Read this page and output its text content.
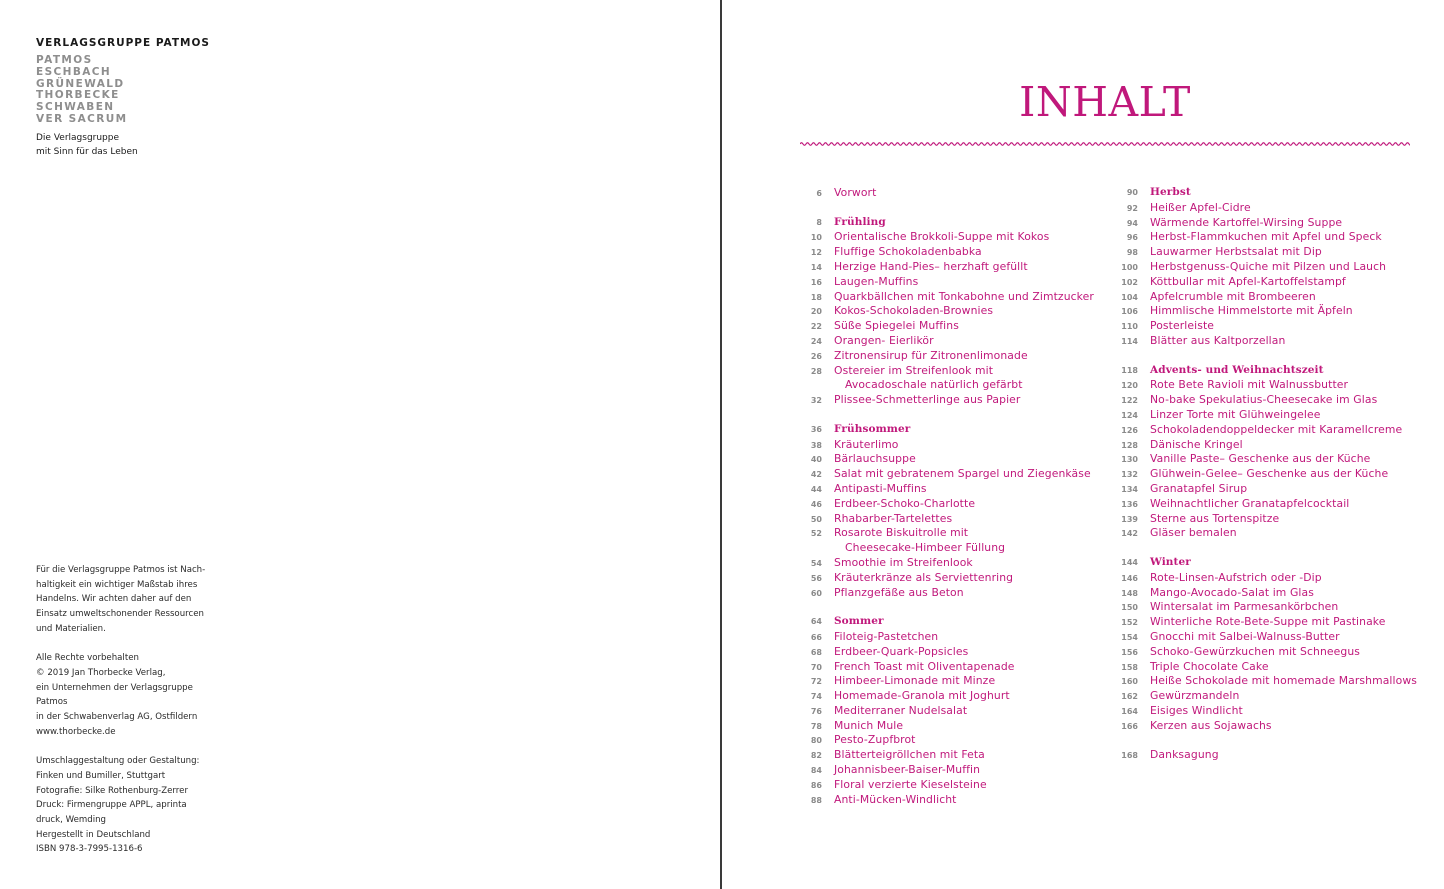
VERLAGSGRUPPE PATMOS
PATMOS
ESCHBACH
GRÜNEWALD
THORBECKE
SCHWABEN
VER SACRUM
Die Verlagsgruppe
mit Sinn für das Leben
Für die Verlagsgruppe Patmos ist Nach-
haltigkeit ein wichtiger Maßstab ihres
Handelns. Wir achten daher auf den
Einsatz umweltschonender Ressourcen
und Materialien.
Alle Rechte vorbehalten
© 2019 Jan Thorbecke Verlag,
ein Unternehmen der Verlagsgruppe
Patmos
in der Schwabenverlag AG, Ostfildern
www.thorbecke.de
Umschlaggestaltung oder Gestaltung:
Finken und Bumiller, Stuttgart
Fotografie: Silke Rothenburg-Zerrer
Druck: Firmengruppe APPL, aprinta
druck, Wemding
Hergestellt in Deutschland
ISBN 978-3-7995-1316-6
INHALT
6	Vorwort
8	Frühling
10	Orientalische Brokkoli-Suppe mit Kokos
12	Fluffige Schokoladenbabka
14	Herzige Hand-Pies– herzhaft gefüllt
16	Laugen-Muffins
18	Quarkbällchen mit Tonkabohne und Zimtzucker
20	Kokos-Schokoladen-Brownies
22	Süße Spiegelei Muffins
24	Orangen- Eierlikör
26	Zitronensirup für Zitronenlimonade
28	Ostereier im Streifenlook mit
Avocadoschale natürlich gefärbt
32	Plissee-Schmetterlinge aus Papier
36	Frühsommer
38	Kräuterlimo
40	Bärlauchsuppe
42	Salat mit gebratenem Spargel und Ziegenkäse
44	Antipasti-Muffins
46	Erdbeer-Schoko-Charlotte
50	Rhabarber-Tartelettes
52	Rosarote Biskuitrolle mit
Cheesecake-Himbeer Füllung
54	Smoothie im Streifenlook
56	Kräuterkränze als Serviettenring
60	Pflanzgefäße aus Beton
64	Sommer
66	Filoteig-Pastetchen
68	Erdbeer-Quark-Popsicles
70	French Toast mit Oliventapenade
72	Himbeer-Limonade mit Minze
74	Homemade-Granola mit Joghurt
76	Mediterraner Nudelsalat
78	Munich Mule
80	Pesto-Zupfbrot
82	Blätterteigröllchen mit Feta
84	Johannisbeer-Baiser-Muffin
86	Floral verzierte Kieselsteine
88	Anti-Mücken-Windlicht
90	Herbst
92	Heißer Apfel-Cidre
94	Wärmende Kartoffel-Wirsing Suppe
96	Herbst-Flammkuchen mit Apfel und Speck
98	Lauwarmer Herbstsalat mit Dip
100	Herbstgenuss-Quiche mit Pilzen und Lauch
102	Köttbullar mit Apfel-Kartoffelstampf
104	Apfelcrumble mit Brombeeren
106	Himmlische Himmelstorte mit Äpfeln
110	Posterleiste
114	Blätter aus Kaltporzellan
118	Advents- und Weihnachtszeit
120	Rote Bete Ravioli mit Walnussbutter
122	No-bake Spekulatius-Cheesecake im Glas
124	Linzer Torte mit Glühweingelee
126	Schokoladendoppeldecker mit Karamellcreme
128	Dänische Kringel
130	Vanille Paste– Geschenke aus der Küche
132	Glühwein-Gelee– Geschenke aus der Küche
134	Granatapfel Sirup
136	Weihnachtlicher Granatapfelcocktail
139	Sterne aus Tortenspitze
142	Gläser bemalen
144	Winter
146	Rote-Linsen-Aufstrich oder -Dip
148	Mango-Avocado-Salat im Glas
150	Wintersalat im Parmesankörbchen
152	Winterliche Rote-Bete-Suppe mit Pastinake
154	Gnocchi mit Salbei-Walnuss-Butter
156	Schoko-Gewürzkuchen mit Schneegus
158	Triple Chocolate Cake
160	Heiße Schokolade mit homemade Marshmallows
162	Gewürzmandeln
164	Eisiges Windlicht
166	Kerzen aus Sojawachs
168	Danksagung
